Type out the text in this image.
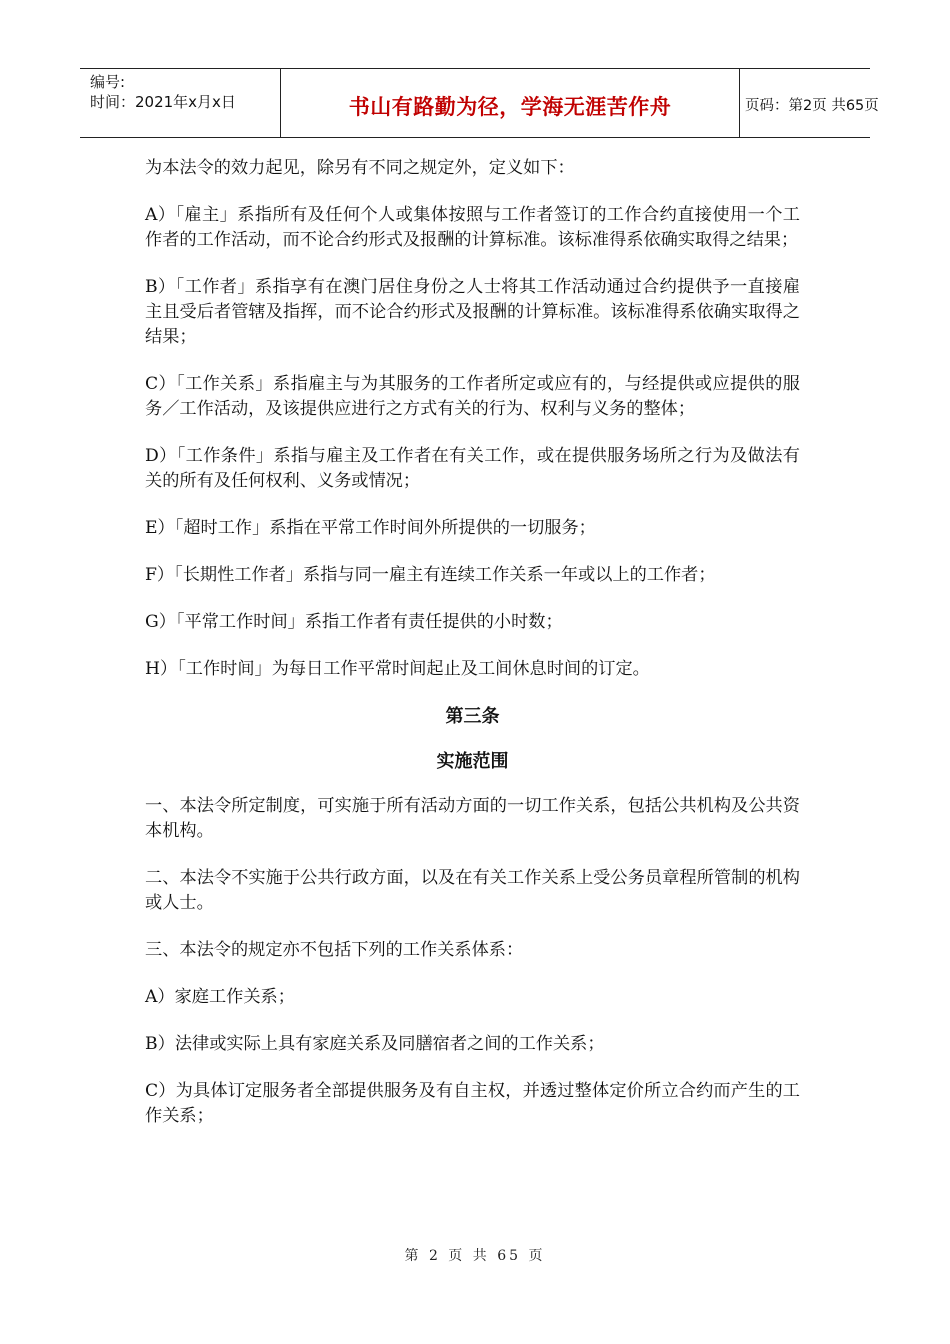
编号:
时间：2021年x月x日	书山有路勤为径，学海无涯苦作舟	页码：第2页 共65页

为本法令的效力起见，除另有不同之规定外，定义如下：

A）「雇主」系指所有及任何个人或集体按照与工作者签订的工作合约直接使用一个工作者的工作活动，而不论合约形式及报酬的计算标准。该标准得系依确实取得之结果；

B）「工作者」系指享有在澳门居住身份之人士将其工作活动通过合约提供予一直接雇主且受后者管辖及指挥，而不论合约形式及报酬的计算标准。该标准得系依确实取得之结果；

C）「工作关系」系指雇主与为其服务的工作者所定或应有的，与经提供或应提供的服务／工作活动，及该提供应进行之方式有关的行为、权利与义务的整体；

D）「工作条件」系指与雇主及工作者在有关工作，或在提供服务场所之行为及做法有关的所有及任何权利、义务或情况；

E）「超时工作」系指在平常工作时间外所提供的一切服务；

F）「长期性工作者」系指与同一雇主有连续工作关系一年或以上的工作者；

G）「平常工作时间」系指工作者有责任提供的小时数；

H）「工作时间」为每日工作平常时间起止及工间休息时间的订定。

第三条
实施范围

一、本法令所定制度，可实施于所有活动方面的一切工作关系，包括公共机构及公共资本机构。

二、本法令不实施于公共行政方面，以及在有关工作关系上受公务员章程所管制的机构或人士。

三、本法令的规定亦不包括下列的工作关系体系：

A）家庭工作关系；

B）法律或实际上具有家庭关系及同膳宿者之间的工作关系；

C）为具体订定服务者全部提供服务及有自主权，并透过整体定价所立合约而产生的工作关系；

第 2 页 共 65 页
